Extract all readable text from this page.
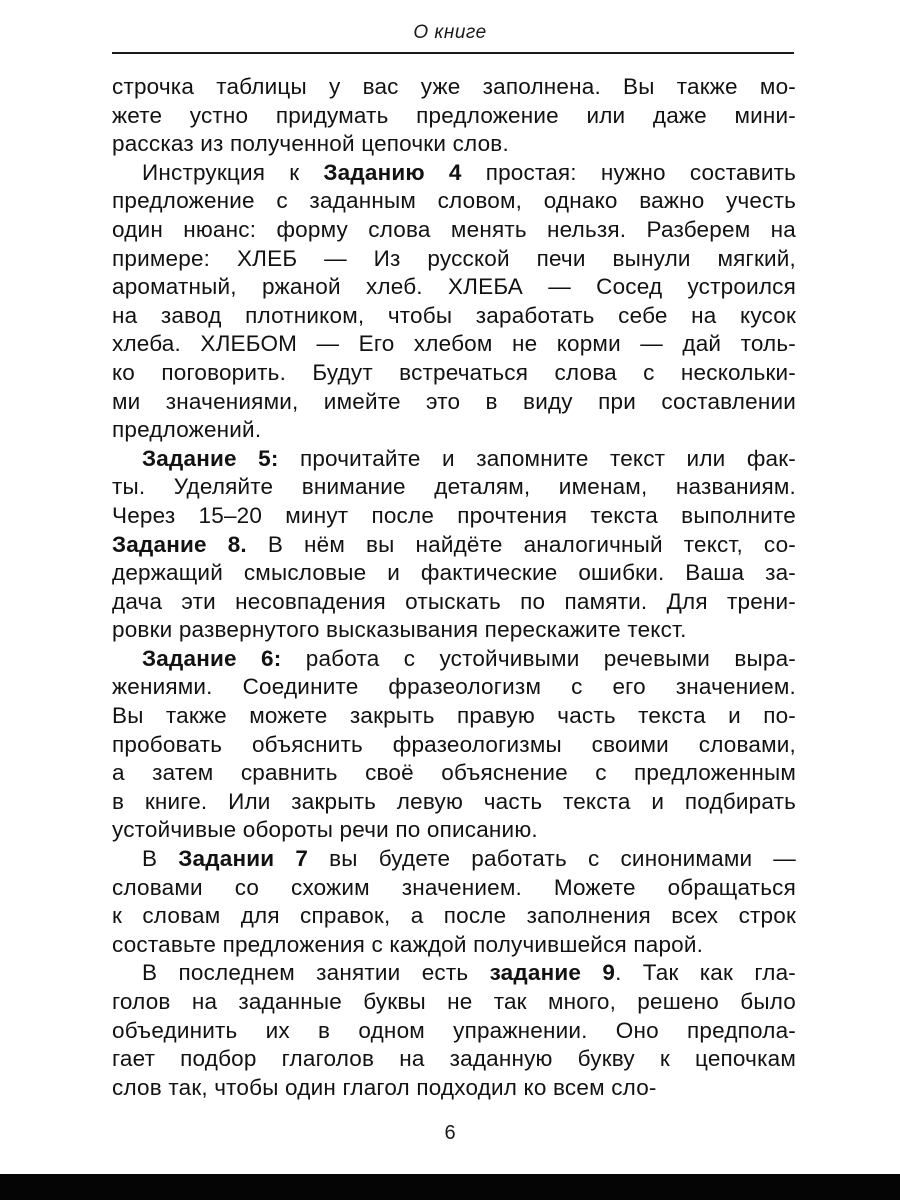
О книге
строчка таблицы у вас уже заполнена. Вы также мо-
жете устно придумать предложение или даже мини-
рассказ из полученной цепочки слов.
Инструкция к Заданию 4 простая: нужно составить
предложение с заданным словом, однако важно учесть
один нюанс: форму слова менять нельзя. Разберем на
примере: ХЛЕБ — Из русской печи вынули мягкий,
ароматный, ржаной хлеб. ХЛЕБА — Сосед устроился
на завод плотником, чтобы заработать себе на кусок
хлеба. ХЛЕБОМ — Его хлебом не корми — дай толь-
ко поговорить. Будут встречаться слова с нескольки-
ми значениями, имейте это в виду при составлении
предложений.
Задание 5: прочитайте и запомните текст или фак-
ты. Уделяйте внимание деталям, именам, названиям.
Через 15–20 минут после прочтения текста выполните
Задание 8. В нём вы найдёте аналогичный текст, со-
держащий смысловые и фактические ошибки. Ваша за-
дача эти несовпадения отыскать по памяти. Для трени-
ровки развернутого высказывания перескажите текст.
Задание 6: работа с устойчивыми речевыми выра-
жениями. Соедините фразеологизм с его значением.
Вы также можете закрыть правую часть текста и по-
пробовать объяснить фразеологизмы своими словами,
а затем сравнить своё объяснение с предложенным
в книге. Или закрыть левую часть текста и подбирать
устойчивые обороты речи по описанию.
В Задании 7 вы будете работать с синонимами —
словами со схожим значением. Можете обращаться
к словам для справок, а после заполнения всех строк
составьте предложения с каждой получившейся парой.
В последнем занятии есть задание 9. Так как гла-
голов на заданные буквы не так много, решено было
объединить их в одном упражнении. Оно предпола-
гает подбор глаголов на заданную букву к цепочкам
слов так, чтобы один глагол подходил ко всем сло-
6
